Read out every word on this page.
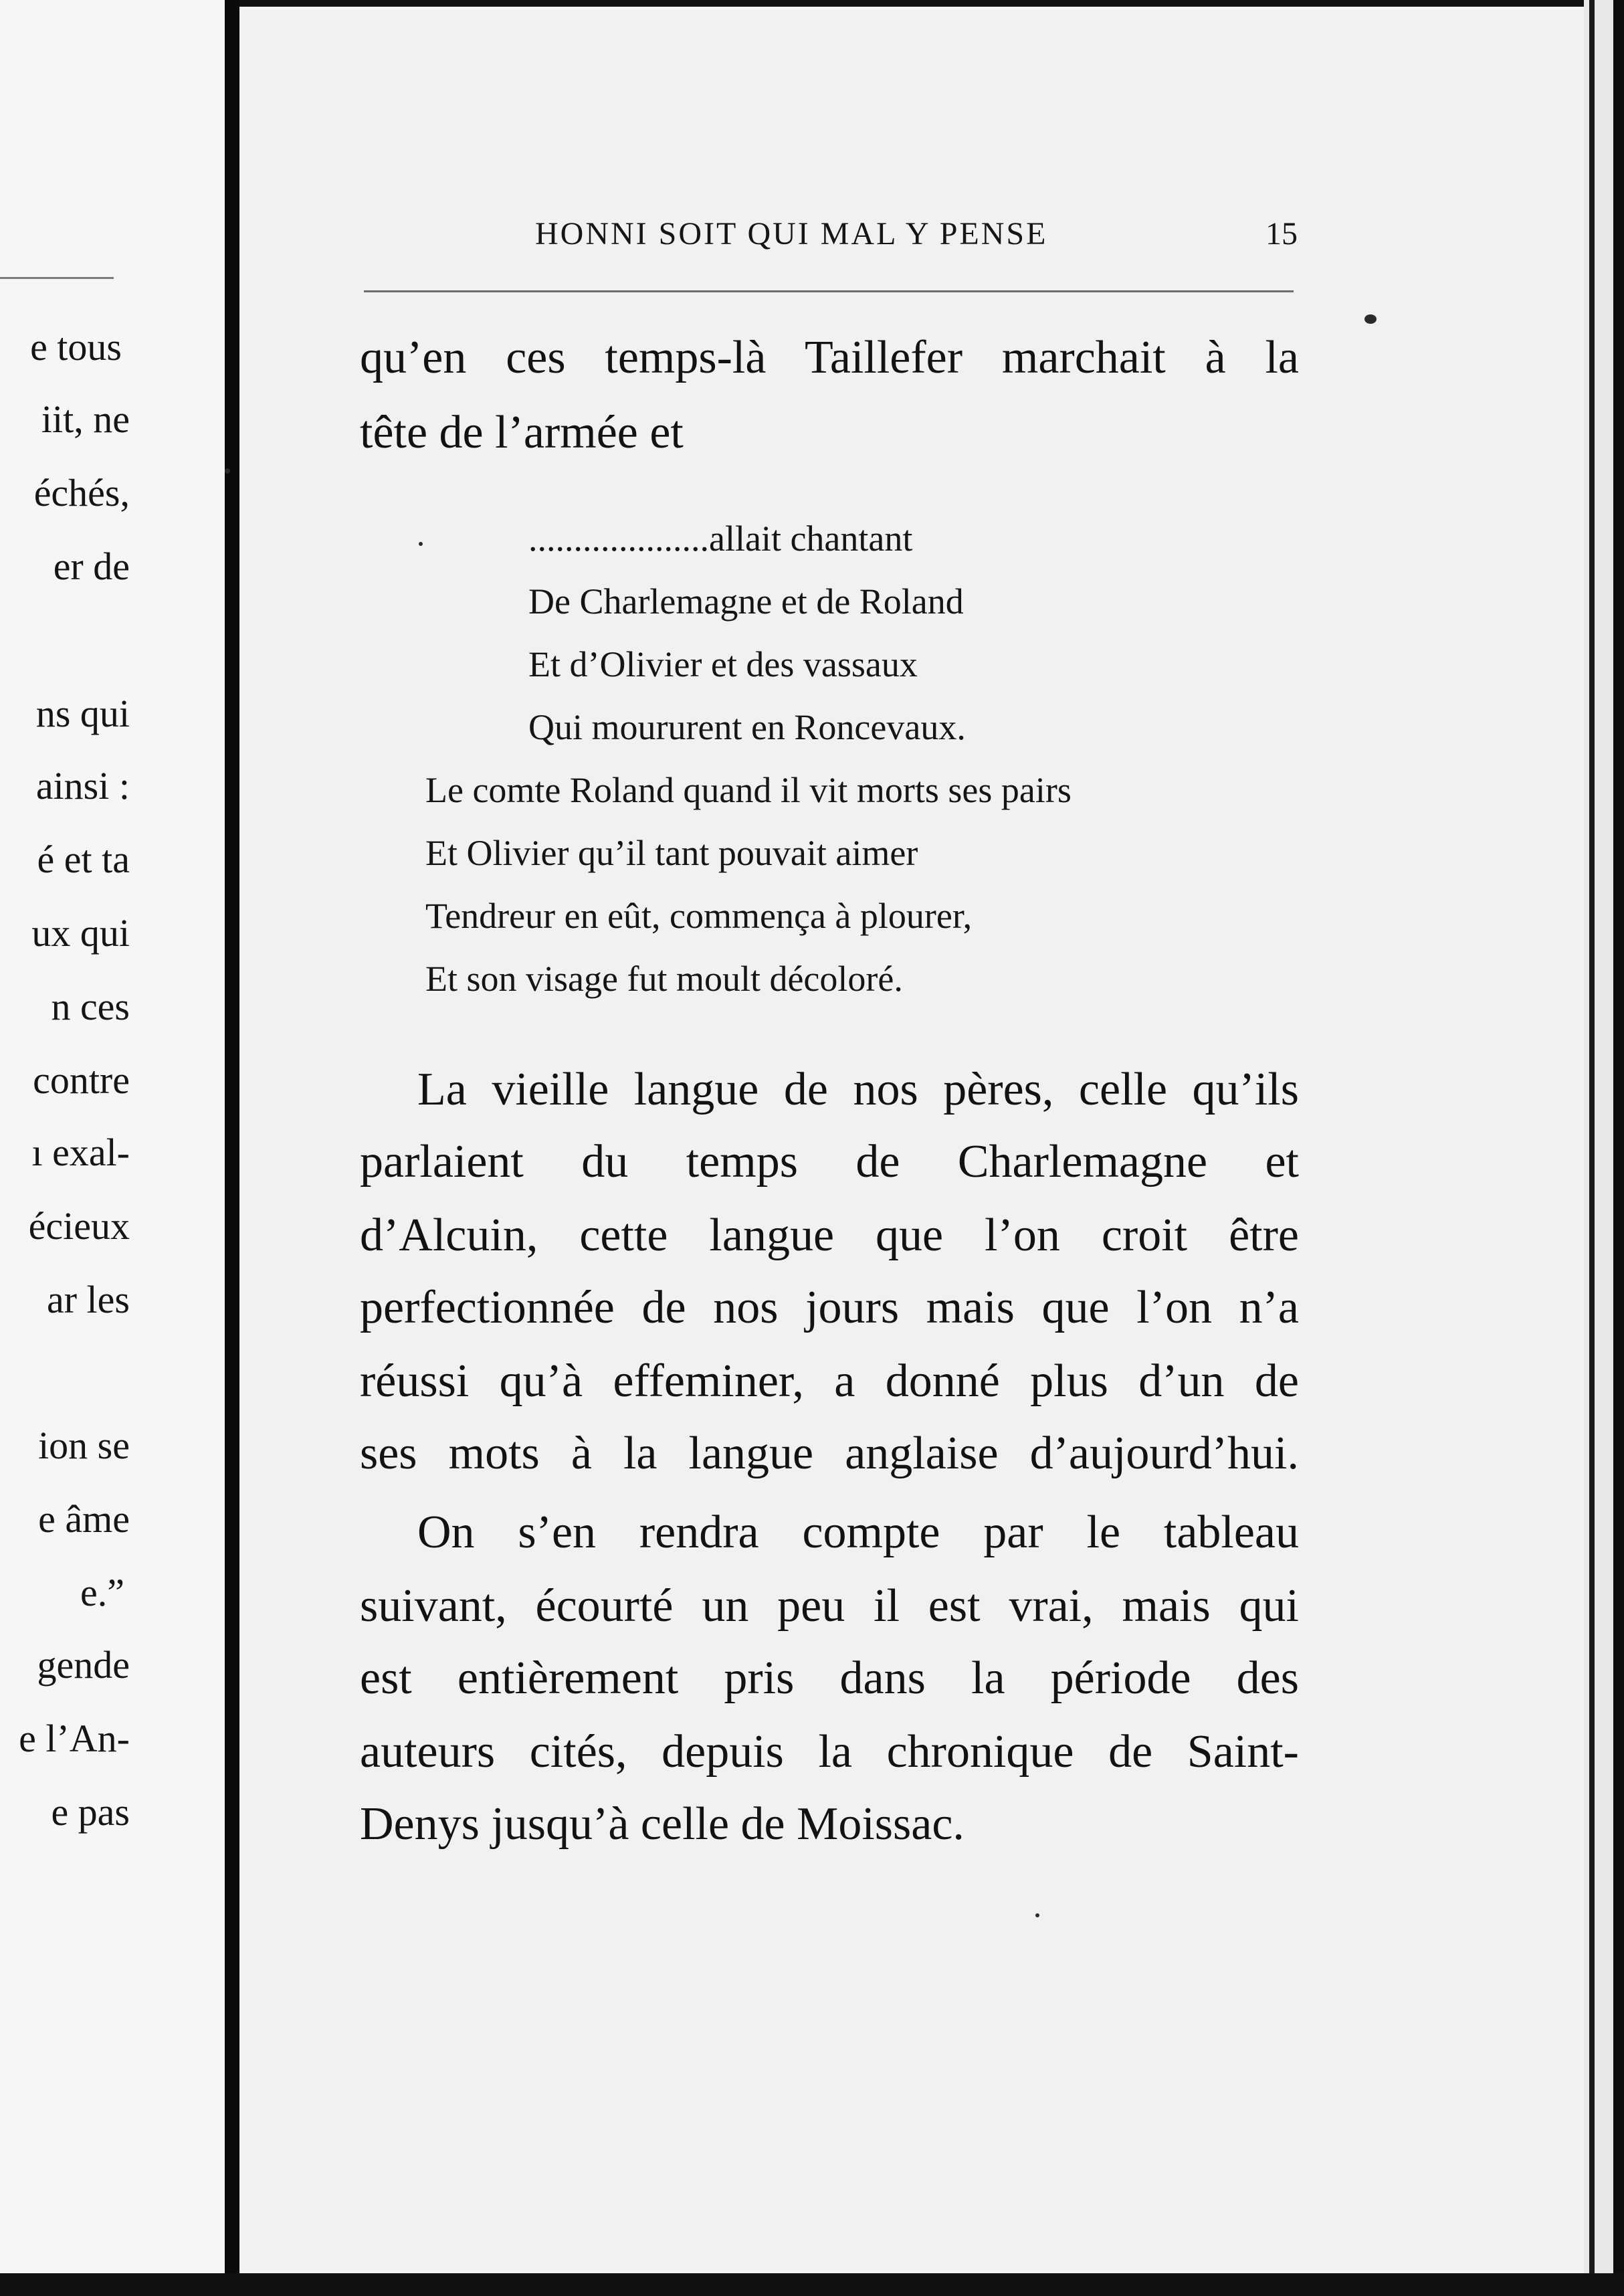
e tous
iit, ne
échés,
er de
ns qui
ainsi :
é et ta
ux qui
n ces
contre
ı exal-
écieux
ar les
ion se
e âme
e.”
gende
e l’An-
e pas
HONNI SOIT QUI MAL Y PENSE	15
qu’en ces temps-là Taillefer marchait à la
tête de l’armée et
....................allait chantant
De Charlemagne et de Roland
Et d’Olivier et des vassaux
Qui moururent en Roncevaux.
Le comte Roland quand il vit morts ses pairs
Et Olivier qu’il tant pouvait aimer
Tendreur en eût, commença à plourer,
Et son visage fut moult décoloré.
La vieille langue de nos pères, celle qu’ils
parlaient du temps de Charlemagne et
d’Alcuin, cette langue que l’on croit être
perfectionnée de nos jours mais que l’on n’a
réussi qu’à effeminer, a donné plus d’un de
ses mots à la langue anglaise d’aujourd’hui.
On s’en rendra compte par le tableau
suivant, écourté un peu il est vrai, mais qui
est entièrement pris dans la période des
auteurs cités, depuis la chronique de Saint-
Denys jusqu’à celle de Moissac.
